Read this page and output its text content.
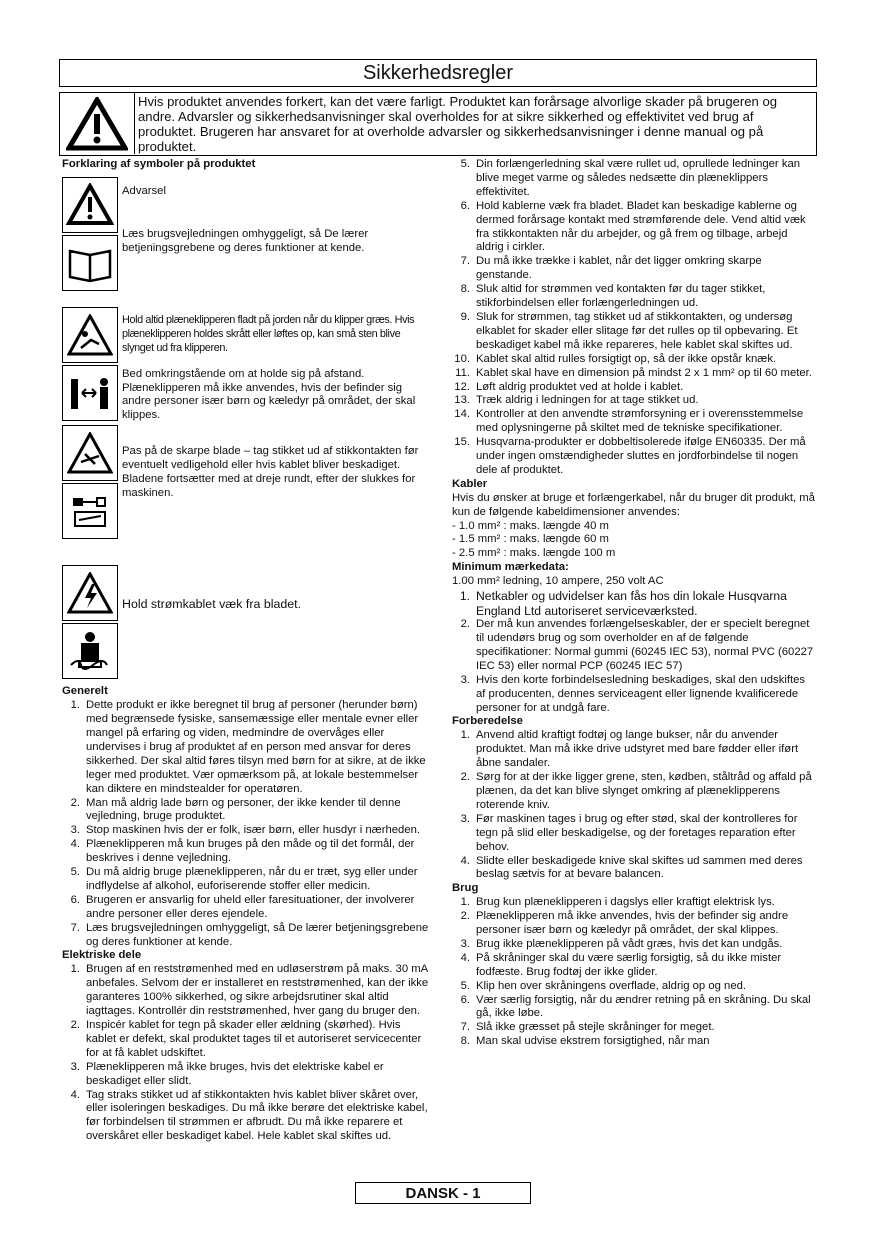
Sikkerhedsregler
Hvis produktet anvendes forkert, kan det være farligt. Produktet kan forårsage alvorlige skader på brugeren og andre. Advarsler og sikkerhedsanvisninger skal overholdes for at sikre sikkerhed og effektivitet ved brug af produktet. Brugeren har ansvaret for at overholde advarsler og sikkerhedsanvisninger i denne manual og på produktet.
Forklaring af symboler på produktet
Advarsel
Læs brugsvejledningen omhyggeligt, så De lærer betjeningsgrebene og deres funktioner at kende.
Hold altid plæneklipperen fladt på jorden når du klipper græs. Hvis plæneklipperen holdes skrått eller løftes op, kan små sten blive slynget ud fra klipperen.
Bed omkringstående om at holde sig på afstand. Plæneklipperen må ikke anvendes, hvis der befinder sig andre personer især børn og kæledyr på området, der skal klippes.
Pas på de skarpe blade – tag stikket ud af stikkontakten før eventuelt vedligehold eller hvis kablet bliver beskadiget.
Bladene fortsætter med at dreje rundt, efter der slukkes for maskinen.
Hold strømkablet væk fra bladet.
Generelt
1. Dette produkt er ikke beregnet til brug af personer (herunder børn) med begrænsede fysiske, sansemæssige eller mentale evner eller mangel på erfaring og viden, medmindre de overvåges eller undervises i brug af produktet af en person med ansvar for deres sikkerhed. Der skal altid føres tilsyn med børn for at sikre, at de ikke leger med produktet. Vær opmærksom på, at lokale bestemmelser kan diktere en mindstealder for operatøren.
2. Man må aldrig lade børn og personer, der ikke kender til denne vejledning, bruge produktet.
3. Stop maskinen hvis der er folk, især børn, eller husdyr i nærheden.
4. Plæneklipperen må kun bruges på den måde og til det formål, der beskrives i denne vejledning.
5. Du må aldrig bruge plæneklipperen, når du er træt, syg eller under indflydelse af alkohol, euforiserende stoffer eller medicin.
6. Brugeren er ansvarlig for uheld eller faresituationer, der involverer andre personer eller deres ejendele.
7. Læs brugsvejledningen omhyggeligt, så De lærer betjeningsgrebene og deres funktioner at kende.
Elektriske dele
1. Brugen af en reststrømenhed med en udløserstrøm på maks. 30 mA anbefales. Selvom der er installeret en reststrømenhed, kan der ikke garanteres 100% sikkerhed, og sikre arbejdsrutiner skal altid iagttages. Kontrollér din reststrømenhed, hver gang du bruger den.
2. Inspicér kablet for tegn på skader eller ældning (skørhed). Hvis kablet er defekt, skal produktet tages til et autoriseret servicecenter for at få kablet udskiftet.
3. Plæneklipperen må ikke bruges, hvis det elektriske kabel er beskadiget eller slidt.
4. Tag straks stikket ud af stikkontakten hvis kablet bliver skåret over, eller isoleringen beskadiges. Du må ikke berøre det elektriske kabel, før forbindelsen til strømmen er afbrudt. Du må ikke reparere et overskåret eller beskadiget kabel. Hele kablet skal skiftes ud.
5. Din forlængerledning skal være rullet ud, oprullede ledninger kan blive meget varme og således nedsætte din plæneklippers effektivitet.
6. Hold kablerne væk fra bladet. Bladet kan beskadige kablerne og dermed forårsage kontakt med strømførende dele. Vend altid væk fra stikkontakten når du arbejder, og gå frem og tilbage, arbejd aldrig i cirkler.
7. Du må ikke trække i kablet, når det ligger omkring skarpe genstande.
8. Sluk altid for strømmen ved kontakten før du tager stikket, stikforbindelsen eller forlængerledningen ud.
9. Sluk for strømmen, tag stikket ud af stikkontakten, og undersøg elkablet for skader eller slitage før det rulles op til opbevaring. Et beskadiget kabel må ikke repareres, hele kablet skal skiftes ud.
10. Kablet skal altid rulles forsigtigt op, så der ikke opstår knæk.
11. Kablet skal have en dimension på mindst 2 x 1 mm² op til 60 meter.
12. Løft aldrig produktet ved at holde i kablet.
13. Træk aldrig i ledningen for at tage stikket ud.
14. Kontroller at den anvendte strømforsyning er i overensstemmelse med oplysningerne på skiltet med de tekniske specifikationer.
15. Husqvarna-produkter er dobbeltisolerede ifølge EN60335. Der må under ingen omstændigheder sluttes en jordforbindelse til nogen dele af produktet.
Kabler

Hvis du ønsker at bruge et forlængerkabel, når du bruger dit produkt, må kun de følgende kabeldimensioner anvendes:

- 1.0 mm² : maks. længde 40 m

- 1.5 mm² : maks. længde 60 m

- 2.5 mm² : maks. længde 100 m

Minimum mærkedata:

1.00 mm² ledning, 10 ampere, 250 volt AC

1. Netkabler og udvidelser kan fås hos din lokale Husqvarna England Ltd autoriseret serviceværksted.
2. Der må kun anvendes forlængelseskabler, der er specielt beregnet til udendørs brug og som overholder en af de følgende specifikationer: Normal gummi (60245 IEC 53), normal PVC (60227 IEC 53) eller normal PCP (60245 IEC 57)
3. Hvis den korte forbindelsesledning beskadiges, skal den udskiftes af producenten, dennes serviceagent eller lignende kvalificerede personer for at undgå fare.
Forberedelse
1. Anvend altid kraftigt fodtøj og lange bukser, når du anvender produktet. Man må ikke drive udstyret med bare fødder eller iført åbne sandaler.
2. Sørg for at der ikke ligger grene, sten, kødben, ståltråd og affald på plænen, da det kan blive slynget omkring af plæneklipperens roterende kniv.
3. Før maskinen tages i brug og efter stød, skal der kontrolleres for tegn på slid eller beskadigelse, og der foretages reparation efter behov.
4. Slidte eller beskadigede knive skal skiftes ud sammen med deres beslag sætvis for at bevare balancen.
Brug
1. Brug kun plæneklipperen i dagslys eller kraftigt elektrisk lys.
2. Plæneklipperen må ikke anvendes, hvis der befinder sig andre personer især børn og kæledyr på området, der skal klippes.
3. Brug ikke plæneklipperen på vådt græs, hvis det kan undgås.
4. På skråninger skal du være særlig forsigtig, så du ikke mister fodfæste. Brug fodtøj der ikke glider.
5. Klip hen over skråningens overflade, aldrig op og ned.
6. Vær særlig forsigtig, når du ændrer retning på en skråning. Du skal gå, ikke løbe.
7. Slå ikke græsset på stejle skråninger for meget.
8. Man skal udvise ekstrem forsigtighed, når man
DANSK - 1
